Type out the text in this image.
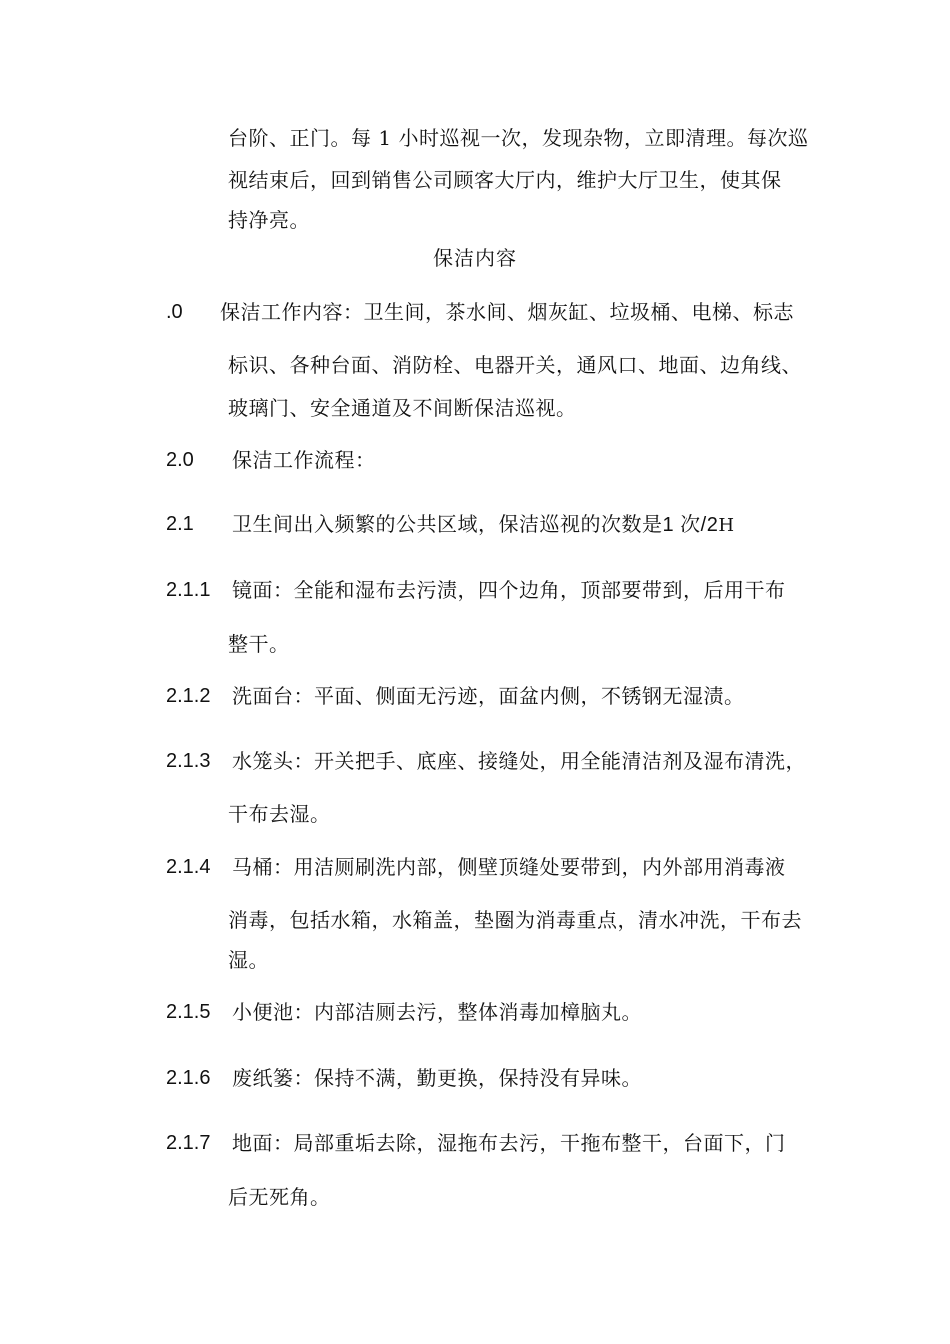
台阶、正门。每 1 小时巡视一次，发现杂物，立即清理。每次巡
视结束后，回到销售公司顾客大厅内，维护大厅卫生，使其保
持净亮。
保洁内容
.0 保洁工作内容：卫生间，茶水间、烟灰缸、垃圾桶、电梯、标志
标识、各种台面、消防栓、电器开关，通风口、地面、边角线、
玻璃门、安全通道及不间断保洁巡视。
2.0 保洁工作流程：
2.1 卫生间出入频繁的公共区域，保洁巡视的次数是1 次/2H
2.1.1 镜面：全能和湿布去污渍，四个边角，顶部要带到，后用干布
整干。
2.1.2 洗面台：平面、侧面无污迹，面盆内侧，不锈钢无湿渍。
2.1.3 水笼头：开关把手、底座、接缝处，用全能清洁剂及湿布清洗，
干布去湿。
2.1.4 马桶：用洁厕刷洗内部，侧壁顶缝处要带到，内外部用消毒液
消毒，包括水箱，水箱盖，垫圈为消毒重点，清水冲洗，干布去
湿。
2.1.5 小便池：内部洁厕去污，整体消毒加樟脑丸。
2.1.6 废纸篓：保持不满，勤更换，保持没有异味。
2.1.7 地面：局部重垢去除，湿拖布去污，干拖布整干，台面下，门
后无死角。
